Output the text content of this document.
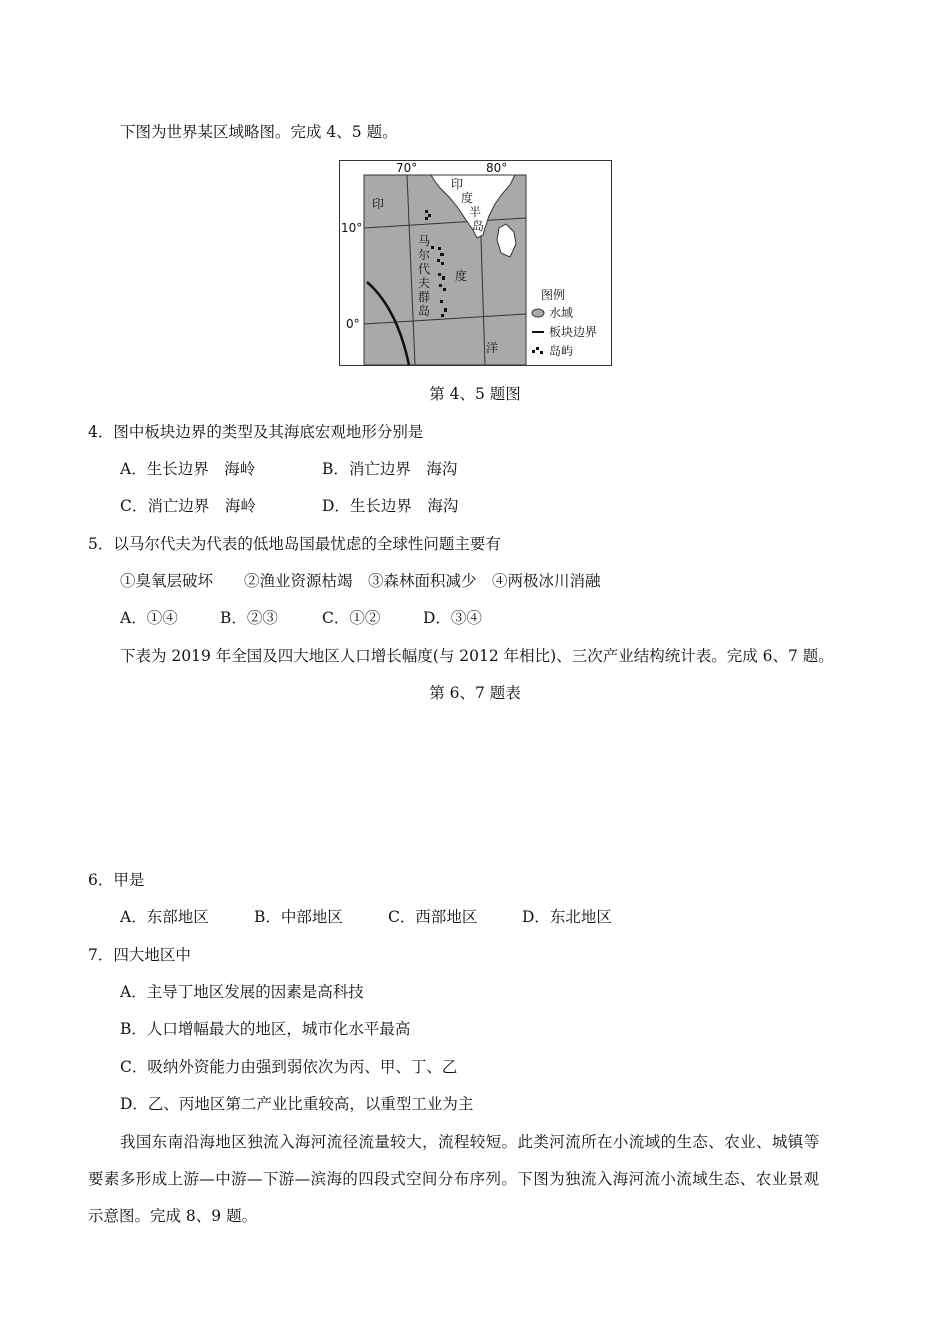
下图为世界某区域略图。完成 4、5 题。
70°	80°
10°
0°
印
度
半
岛
印
度
洋
马
尔
代
夫
群
岛
图例
水域
板块边界
岛屿
第 4、5 题图
4．图中板块边界的类型及其海底宏观地形分别是
A．生长边界　海岭	B．消亡边界　海沟
C．消亡边界　海岭	D．生长边界　海沟
5．以马尔代夫为代表的低地岛国最忧虑的全球性问题主要有
①臭氧层破坏　　②渔业资源枯竭　③森林面积减少　④两极冰川消融
A．①④	B．②③	C．①②	D．③④
下表为 2019 年全国及四大地区人口增长幅度(与 2012 年相比)、三次产业结构统计表。完成 6、7 题。
第 6、7 题表
6．甲是
A．东部地区	B．中部地区	C．西部地区	D．东北地区
7．四大地区中
A．主导丁地区发展的因素是高科技
B．人口增幅最大的地区，城市化水平最高
C．吸纳外资能力由强到弱依次为丙、甲、丁、乙
D．乙、丙地区第二产业比重较高，以重型工业为主
我国东南沿海地区独流入海河流径流量较大，流程较短。此类河流所在小流域的生态、农业、城镇等
要素多形成上游—中游—下游—滨海的四段式空间分布序列。下图为独流入海河流小流域生态、农业景观
示意图。完成 8、9 题。
